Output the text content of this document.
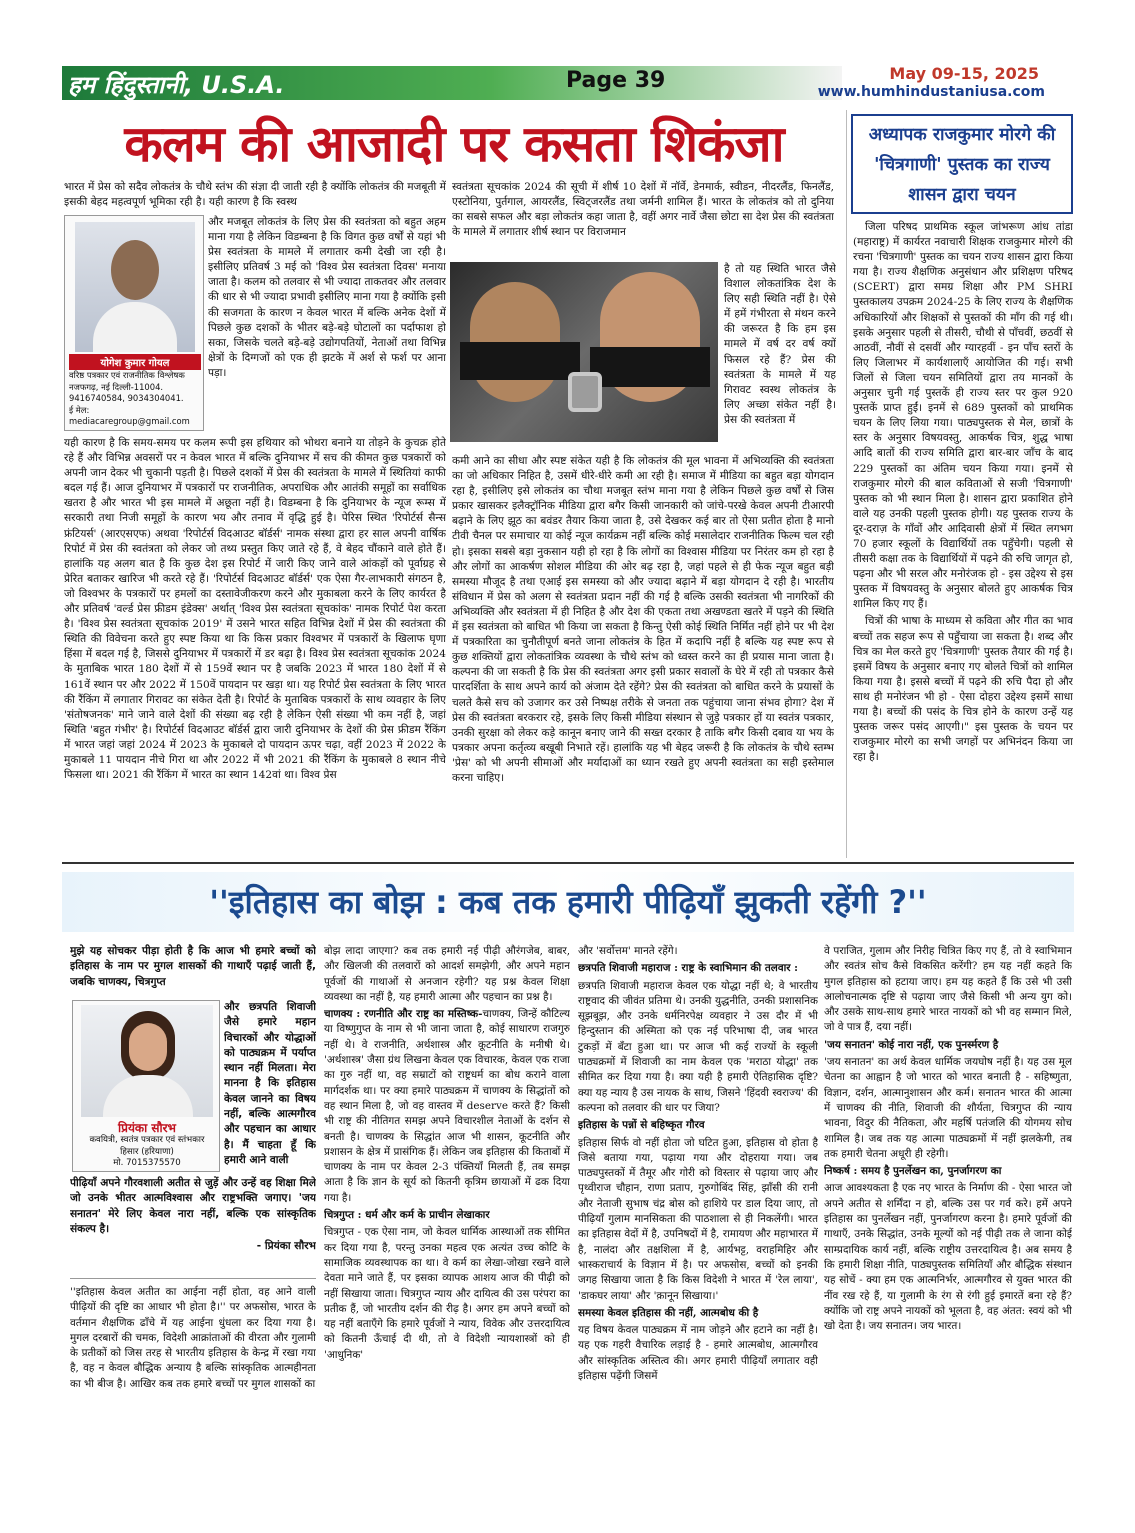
हम हिंदुस्तानी, U.S.A.	Page 39	May 09-15, 2025
www.humhindustaniusa.com
कलम की आजादी पर कसता शिकंजा

भारत में प्रेस को सदैव लोकतंत्र के चौथे स्तंभ की संज्ञा दी जाती रही है क्योंकि लोकतंत्र की मजबूती में इसकी बेहद महत्वपूर्ण भूमिका रही है। यही कारण है कि स्वस्थ

योगेश कुमार गोयल
वरिष्ठ पत्रकार एवं राजनीतिक विश्लेषक
नजफगढ़, नई दिल्ली-11004.
9416740584, 9034304041.
ई मेल: mediacaregroup@gmail.com

और मजबूत लोकतंत्र के लिए प्रेस की स्वतंत्रता को बहुत अहम माना गया है लेकिन विडम्बना है कि विगत कुछ वर्षों से यहां भी प्रेस स्वतंत्रता के मामले में लगातार कमी देखी जा रही है। इसीलिए प्रतिवर्ष 3 मई को 'विश्व प्रेस स्वतंत्रता दिवस' मनाया जाता है। कलम को तलवार से भी ज्यादा ताकतवर और तलवार की धार से भी ज्यादा प्रभावी इसीलिए माना गया है क्योंकि इसी की सजगता के कारण न केवल भारत में बल्कि अनेक देशों में पिछले कुछ दशकों के भीतर बड़े-बड़े घोटालों का पर्दाफाश हो सका, जिसके चलते बड़े-बड़े उद्योगपतियों, नेताओं तथा विभिन्न क्षेत्रों के दिग्गजों को एक ही झटके में अर्श से फर्श पर आना पड़ा।

यही कारण है कि समय-समय पर कलम रूपी इस हथियार को भोथरा बनाने या तोड़ने के कुचक्र होते रहे हैं और विभिन्न अवसरों पर न केवल भारत में बल्कि दुनियाभर में सच की कीमत कुछ पत्रकारों को अपनी जान देकर भी चुकानी पड़ती है। पिछले दशकों में प्रेस की स्वतंत्रता के मामले में स्थितियां काफी बदल गई हैं। आज दुनियाभर में पत्रकारों पर राजनीतिक, अपराधिक और आतंकी समूहों का सर्वाधिक खतरा है और भारत भी इस मामले में अछूता नहीं है। विडम्बना है कि दुनियाभर के न्यूज रूम्स में सरकारी तथा निजी समूहों के कारण भय और तनाव में वृद्धि हुई है। पेरिस स्थित 'रिपोर्टर्स सैन्स फ्रंटियर्स' (आरएसएफ) अथवा 'रिपोर्टर्स विदआउट बॉर्डर्स' नामक संस्था द्वारा हर साल अपनी वार्षिक रिपोर्ट में प्रेस की स्वतंत्रता को लेकर जो तथ्य प्रस्तुत किए जाते रहे हैं, वे बेहद चौंकाने वाले होते हैं। हालांकि यह अलग बात है कि कुछ देश इस रिपोर्ट में जारी किए जाने वाले आंकड़ों को पूर्वाग्रह से प्रेरित बताकर खारिज भी करते रहे हैं। 'रिपोर्टर्स विदआउट बॉर्डर्स' एक ऐसा गैर-लाभकारी संगठन है, जो विश्वभर के पत्रकारों पर हमलों का दस्तावेजीकरण करने और मुकाबला करने के लिए कार्यरत है और प्रतिवर्ष 'वर्ल्ड प्रेस फ्रीडम इंडेक्स' अर्थात् 'विश्व प्रेस स्वतंत्रता सूचकांक' नामक रिपोर्ट पेश करता है। 'विश्व प्रेस स्वतंत्रता सूचकांक 2019' में उसने भारत सहित विभिन्न देशों में प्रेस की स्वतंत्रता की स्थिति की विवेचना करते हुए स्पष्ट किया था कि किस प्रकार विश्वभर में पत्रकारों के खिलाफ घृणा हिंसा में बदल गई है, जिससे दुनियाभर में पत्रकारों में डर बढ़ा है। विश्व प्रेस स्वतंत्रता सूचकांक 2024 के मुताबिक भारत 180 देशों में से 159वें स्थान पर है जबकि 2023 में भारत 180 देशों में से 161वें स्थान पर और 2022 में 150वें पायदान पर खड़ा था। यह रिपोर्ट प्रेस स्वतंत्रता के लिए भारत की रैंकिंग में लगातार गिरावट का संकेत देती है। रिपोर्ट के मुताबिक पत्रकारों के साथ व्यवहार के लिए 'संतोषजनक' माने जाने वाले देशों की संख्या बढ़ रही है लेकिन ऐसी संख्या भी कम नहीं है, जहां स्थिति 'बहुत गंभीर' है। रिपोर्टर्स विदआउट बॉर्डर्स द्वारा जारी दुनियाभर के देशों की प्रेस फ्रीडम रैंकिंग में भारत जहां जहां 2024 में 2023 के मुकाबले दो पायदान ऊपर चढ़ा, वहीं 2023 में 2022 के मुकाबले 11 पायदान नीचे गिरा था और 2022 में भी 2021 की रैंकिंग के मुकाबले 8 स्थान नीचे फिसला था। 2021 की रैंकिंग में भारत का स्थान 142वां था। विश्व प्रेस

स्वतंत्रता सूचकांक 2024 की सूची में शीर्ष 10 देशों में नॉर्वे, डेनमार्क, स्वीडन, नीदरलैंड, फिनलैंड, एस्टोनिया, पुर्तगाल, आयरलैंड, स्विट्जरलैंड तथा जर्मनी शामिल हैं। भारत के लोकतंत्र को तो दुनिया का सबसे सफल और बड़ा लोकतंत्र कहा जाता है, वहीं अगर नार्वे जैसा छोटा सा देश प्रेस की स्वतंत्रता के मामले में लगातार शीर्ष स्थान पर विराजमान

है तो यह स्थिति भारत जैसे विशाल लोकतांत्रिक देश के लिए सही स्थिति नहीं है। ऐसे में हमें गंभीरता से मंथन करने की जरूरत है कि हम इस मामले में वर्ष दर वर्ष क्यों फिसल रहे हैं? प्रेस की स्वतंत्रता के मामले में यह गिरावट स्वस्थ लोकतंत्र के लिए अच्छा संकेत नहीं है। प्रेस की स्वतंत्रता में

कमी आने का सीधा और स्पष्ट संकेत यही है कि लोकतंत्र की मूल भावना में अभिव्यक्ति की स्वतंत्रता का जो अधिकार निहित है, उसमें धीरे-धीरे कमी आ रही है। समाज में मीडिया का बहुत बड़ा योगदान रहा है, इसीलिए इसे लोकतंत्र का चौथा मजबूत स्तंभ माना गया है लेकिन पिछले कुछ वर्षों से जिस प्रकार खासकर इलैक्ट्रॉनिक मीडिया द्वारा बगैर किसी जानकारी को जांचे-परखे केवल अपनी टीआरपी बढ़ाने के लिए झूठ का बवंडर तैयार किया जाता है, उसे देखकर कई बार तो ऐसा प्रतीत होता है मानो टीवी चैनल पर समाचार या कोई न्यूज कार्यक्रम नहीं बल्कि कोई मसालेदार राजनीतिक फिल्म चल रही हो। इसका सबसे बड़ा नुकसान यही हो रहा है कि लोगों का विश्वास मीडिया पर निरंतर कम हो रहा है और लोगों का आकर्षण सोशल मीडिया की ओर बढ़ रहा है, जहां पहले से ही फेक न्यूज बहुत बड़ी समस्या मौजूद है तथा एआई इस समस्या को और ज्यादा बढ़ाने में बड़ा योगदान दे रही है। भारतीय संविधान में प्रेस को अलग से स्वतंत्रता प्रदान नहीं की गई है बल्कि उसकी स्वतंत्रता भी नागरिकों की अभिव्यक्ति और स्वतंत्रता में ही निहित है और देश की एकता तथा अखण्डता खतरे में पड़ने की स्थिति में इस स्वतंत्रता को बाधित भी किया जा सकता है किन्तु ऐसी कोई स्थिति निर्मित नहीं होने पर भी देश में पत्रकारिता का चुनौतीपूर्ण बनते जाना लोकतंत्र के हित में कदापि नहीं है बल्कि यह स्पष्ट रूप से कुछ शक्तियों द्वारा लोकतांत्रिक व्यवस्था के चौथे स्तंभ को ध्वस्त करने का ही प्रयास माना जाता है। कल्पना की जा सकती है कि प्रेस की स्वतंत्रता अगर इसी प्रकार सवालों के घेरे में रही तो पत्रकार कैसे पारदर्शिता के साथ अपने कार्य को अंजाम देते रहेंगे? प्रेस की स्वतंत्रता को बाधित करने के प्रयासों के चलते कैसे सच को उजागर कर उसे निष्पक्ष तरीके से जनता तक पहुंचाया जाना संभव होगा? देश में प्रेस की स्वतंत्रता बरकरार रहे, इसके लिए किसी मीडिया संस्थान से जुड़े पत्रकार हों या स्वतंत्र पत्रकार, उनकी सुरक्षा को लेकर कड़े कानून बनाए जाने की सख्त दरकार है ताकि बगैर किसी दबाव या भय के पत्रकार अपना कर्तृत्व्य बखूबी निभाते रहें। हालांकि यह भी बेहद जरूरी है कि लोकतंत्र के चौथे स्तम्भ 'प्रेस' को भी अपनी सीमाओं और मर्यादाओं का ध्यान रखते हुए अपनी स्वतंत्रता का सही इस्तेमाल करना चाहिए।

अध्यापक राजकुमार मोरगे की 'चित्रगाणी' पुस्तक का राज्य शासन द्वारा चयन

जिला परिषद प्राथमिक स्कूल जांभरूण आंध तांडा (महाराष्ट्र) में कार्यरत नवाचारी शिक्षक राजकुमार मोरगे की रचना 'चित्रगाणी' पुस्तक का चयन राज्य शासन द्वारा किया गया है। राज्य शैक्षणिक अनुसंधान और प्रशिक्षण परिषद (SCERT) द्वारा समग्र शिक्षा और PM SHRI पुस्तकालय उपक्रम 2024-25 के लिए राज्य के शैक्षणिक अधिकारियों और शिक्षकों से पुस्तकों की माँग की गई थी। इसके अनुसार पहली से तीसरी, चौथी से पाँचवीं, छठवीं से आठवीं, नौवीं से दसवीं और ग्यारहवीं - इन पाँच स्तरों के लिए जिलाभर में कार्यशालाएँ आयोजित की गई। सभी जिलों से जिला चयन समितियों द्वारा तय मानकों के अनुसार चुनी गई पुस्तकें ही राज्य स्तर पर कुल 920 पुस्तकें प्राप्त हुईं। इनमें से 689 पुस्तकों को प्राथमिक चयन के लिए लिया गया। पाठ्यपुस्तक से मेल, छात्रों के स्तर के अनुसार विषयवस्तु, आकर्षक चित्र, शुद्ध भाषा आदि बातों की राज्य समिति द्वारा बार-बार जाँच के बाद 229 पुस्तकों का अंतिम चयन किया गया। इनमें से राजकुमार मोरगे की बाल कविताओं से सजी 'चित्रगाणी' पुस्तक को भी स्थान मिला है। शासन द्वारा प्रकाशित होने वाले यह उनकी पहली पुस्तक होगी। यह पुस्तक राज्य के दूर-दराज़ के गाँवों और आदिवासी क्षेत्रों में स्थित लगभग 70 हजार स्कूलों के विद्यार्थियों तक पहुँचेगी। पहली से तीसरी कक्षा तक के विद्यार्थियों में पढ़ने की रुचि जागृत हो, पढ़ना और भी सरल और मनोरंजक हो - इस उद्देश्य से इस पुस्तक में विषयवस्तु के अनुसार बोलते हुए आकर्षक चित्र शामिल किए गए हैं।

चित्रों की भाषा के माध्यम से कविता और गीत का भाव बच्चों तक सहज रूप से पहुँचाया जा सकता है। शब्द और चित्र का मेल करते हुए 'चित्रगाणी' पुस्तक तैयार की गई है। इसमें विषय के अनुसार बनाए गए बोलते चित्रों को शामिल किया गया है। इससे बच्चों में पढ़ने की रुचि पैदा हो और साथ ही मनोरंजन भी हो - ऐसा दोहरा उद्देश्य इसमें साधा गया है। बच्चों की पसंद के चित्र होने के कारण उन्हें यह पुस्तक जरूर पसंद आएगी।" इस पुस्तक के चयन पर राजकुमार मोरगे का सभी जगहों पर अभिनंदन किया जा रहा है।

''इतिहास का बोझ : कब तक हमारी पीढ़ियाँ झुकती रहेंगी ?''

मुझे यह सोचकर पीड़ा होती है कि आज भी हमारे बच्चों को इतिहास के नाम पर मुगल शासकों की गाथाएँ पढ़ाई जाती हैं, जबकि चाणक्य, चित्रगुप्त

प्रियंका सौरभ
कवयित्री, स्वतंत्र पत्रकार एवं स्तंभकार
हिसार (हरियाणा)
मो. 7015375570

और छत्रपति शिवाजी जैसे हमारे महान विचारकों और योद्धाओं को पाठ्यक्रम में पर्याप्त स्थान नहीं मिलता। मेरा मानना है कि इतिहास केवल जानने का विषय नहीं, बल्कि आत्मगौरव और पहचान का आधार है। मैं चाहता हूँ कि हमारी आने वाली

पीढ़ियाँ अपने गौरवशाली अतीत से जुड़ें और उन्हें वह शिक्षा मिले जो उनके भीतर आत्मविश्वास और राष्ट्रभक्ति जगाए। 'जय सनातन' मेरे लिए केवल नारा नहीं, बल्कि एक सांस्कृतिक संकल्प है।

- प्रियंका सौरभ

''इतिहास केवल अतीत का आईना नहीं होता, वह आने वाली पीढ़ियों की दृष्टि का आधार भी होता है।'' पर अफसोस, भारत के वर्तमान शैक्षणिक ढाँचे में यह आईना धुंधला कर दिया गया है। मुगल दरबारों की चमक, विदेशी आक्रांताओं की वीरता और गुलामी के प्रतीकों को जिस तरह से भारतीय इतिहास के केन्द्र में रखा गया है, वह न केवल बौद्धिक अन्याय है बल्कि सांस्कृतिक आत्महीनता का भी बीज है। आखिर कब तक हमारे बच्चों पर मुगल शासकों का

बोझ लादा जाएगा? कब तक हमारी नई पीढ़ी औरंगजेब, बाबर, और खिलजी की तलवारों को आदर्श समझेगी, और अपने महान पूर्वजों की गाथाओं से अनजान रहेगी? यह प्रश्न केवल शिक्षा व्यवस्था का नहीं है, यह हमारी आत्मा और पहचान का प्रश्न है।

चाणक्य : रणनीति और राष्ट्र का मस्तिष्क-चाणक्य, जिन्हें कौटिल्य या विष्णुगुप्त के नाम से भी जाना जाता है, कोई साधारण राजगुरु नहीं थे। वे राजनीति, अर्थशास्त्र और कूटनीति के मनीषी थे। 'अर्थशास्त्र' जैसा ग्रंथ लिखना केवल एक विचारक, केवल एक राजा का गुरु नहीं था, वह सम्राटों को राष्ट्रधर्म का बोध कराने वाला मार्गदर्शक था। पर क्या हमारे पाठ्यक्रम में चाणक्य के सिद्धांतों को वह स्थान मिला है, जो वह वास्तव में deserve करते हैं? किसी भी राष्ट्र की नीतिगत समझ अपने विचारशील नेताओं के दर्शन से बनती है। चाणक्य के सिद्धांत आज भी शासन, कूटनीति और प्रशासन के क्षेत्र में प्रासंगिक हैं। लेकिन जब इतिहास की किताबों में चाणक्य के नाम पर केवल 2-3 पंक्तियाँ मिलती हैं, तब समझ आता है कि ज्ञान के सूर्य को कितनी कृत्रिम छायाओं में ढक दिया गया है।

चित्रगुप्त : धर्म और कर्म के प्राचीन लेखाकार

चित्रगुप्त - एक ऐसा नाम, जो केवल धार्मिक आस्थाओं तक सीमित कर दिया गया है, परन्तु उनका महत्व एक अत्यंत उच्च कोटि के सामाजिक व्यवस्थापक का था। वे कर्म का लेखा-जोखा रखने वाले देवता माने जाते हैं, पर इसका व्यापक आशय आज की पीढ़ी को नहीं सिखाया जाता। चित्रगुप्त न्याय और दायित्व की उस परंपरा का प्रतीक हैं, जो भारतीय दर्शन की रीढ़ है। अगर हम अपने बच्चों को यह नहीं बताएँगे कि हमारे पूर्वजों ने न्याय, विवेक और उत्तरदायित्व को कितनी ऊँचाई दी थी, तो वे विदेशी न्यायशास्त्रों को ही 'आधुनिक'

और 'सर्वोत्तम' मानते रहेंगे।

छत्रपति शिवाजी महाराज : राष्ट्र के स्वाभिमान की तलवार :

छत्रपति शिवाजी महाराज केवल एक योद्धा नहीं थे; वे भारतीय राष्ट्रवाद की जीवंत प्रतिमा थे। उनकी युद्धनीति, उनकी प्रशासनिक सूझबूझ, और उनके धर्मनिरपेक्ष व्यवहार ने उस दौर में भी हिन्दुस्तान की अस्मिता को एक नई परिभाषा दी, जब भारत टुकड़ों में बँटा हुआ था। पर आज भी कई राज्यों के स्कूली पाठ्यक्रमों में शिवाजी का नाम केवल एक 'मराठा योद्धा' तक सीमित कर दिया गया है। क्या यही है हमारी ऐतिहासिक दृष्टि? क्या यह न्याय है उस नायक के साथ, जिसने 'हिंदवी स्वराज्य' की कल्पना को तलवार की धार पर जिया?

इतिहास के पन्नों से बहिष्कृत गौरव

इतिहास सिर्फ वो नहीं होता जो घटित हुआ, इतिहास वो होता है जिसे बताया गया, पढ़ाया गया और दोहराया गया। जब पाठ्यपुस्तकों में तैमूर और गोरी को विस्तार से पढ़ाया जाए और पृथ्वीराज चौहान, राणा प्रताप, गुरुगोबिंद सिंह, झाँसी की रानी और नेताजी सुभाष चंद्र बोस को हाशिये पर डाल दिया जाए, तो पीढ़ियाँ गुलाम मानसिकता की पाठशाला से ही निकलेंगी। भारत का इतिहास वेदों में है, उपनिषदों में है, रामायण और महाभारत में है, नालंदा और तक्षशिला में है, आर्यभट्ट, वराहमिहिर और भास्कराचार्य के विज्ञान में है। पर अफसोस, बच्चों को इनकी जगह सिखाया जाता है कि किस विदेशी ने भारत में 'रेल लाया', 'डाकघर लाया' और 'क़ानून सिखाया।'

समस्या केवल इतिहास की नहीं, आत्मबोध की है

यह विषय केवल पाठ्यक्रम में नाम जोड़ने और हटाने का नहीं है। यह एक गहरी वैचारिक लड़ाई है - हमारे आत्मबोध, आत्मगौरव और सांस्कृतिक अस्तित्व की। अगर हमारी पीढ़ियाँ लगातार वही इतिहास पढ़ेंगी जिसमें

वे पराजित, गुलाम और निरीह चित्रित किए गए हैं, तो वे स्वाभिमान और स्वतंत्र सोच कैसे विकसित करेंगी? हम यह नहीं कहते कि मुगल इतिहास को हटाया जाए। हम यह कहते हैं कि उसे भी उसी आलोचनात्मक दृष्टि से पढ़ाया जाए जैसे किसी भी अन्य युग को। और उसके साथ-साथ हमारे भारत नायकों को भी वह सम्मान मिले, जो वे पात्र हैं, दया नहीं।

'जय सनातन' कोई नारा नहीं, एक पुनर्स्मरण है

'जय सनातन' का अर्थ केवल धार्मिक जयघोष नहीं है। यह उस मूल चेतना का आह्वान है जो भारत को भारत बनाती है - सहिष्णुता, विज्ञान, दर्शन, आत्मानुशासन और कर्म। सनातन भारत की आत्मा में चाणक्य की नीति, शिवाजी की शौर्यता, चित्रगुप्त की न्याय भावना, विदुर की नैतिकता, और महर्षि पतंजलि की योगमय सोच शामिल है। जब तक यह आत्मा पाठ्यक्रमों में नहीं झलकेगी, तब तक हमारी चेतना अधूरी ही रहेगी।

निष्कर्ष : समय है पुनर्लेखन का, पुनर्जागरण का

आज आवश्यकता है एक नए भारत के निर्माण की - ऐसा भारत जो अपने अतीत से शर्मिंदा न हो, बल्कि उस पर गर्व करे। हमें अपने इतिहास का पुनर्लेखन नहीं, पुनर्जागरण करना है। हमारे पूर्वजों की गाथाएँ, उनके सिद्धांत, उनके मूल्यों को नई पीढ़ी तक ले जाना कोई साम्प्रदायिक कार्य नहीं, बल्कि राष्ट्रीय उत्तरदायित्व है। अब समय है कि हमारी शिक्षा नीति, पाठ्यपुस्तक समितियाँ और बौद्धिक संस्थान यह सोचें - क्या हम एक आत्मनिर्भर, आत्मगौरव से युक्त भारत की नींव रख रहे हैं, या गुलामी के रंग से रंगी हुई इमारतें बना रहे हैं? क्योंकि जो राष्ट्र अपने नायकों को भूलता है, वह अंतत: स्वयं को भी खो देता है। जय सनातन। जय भारत।
